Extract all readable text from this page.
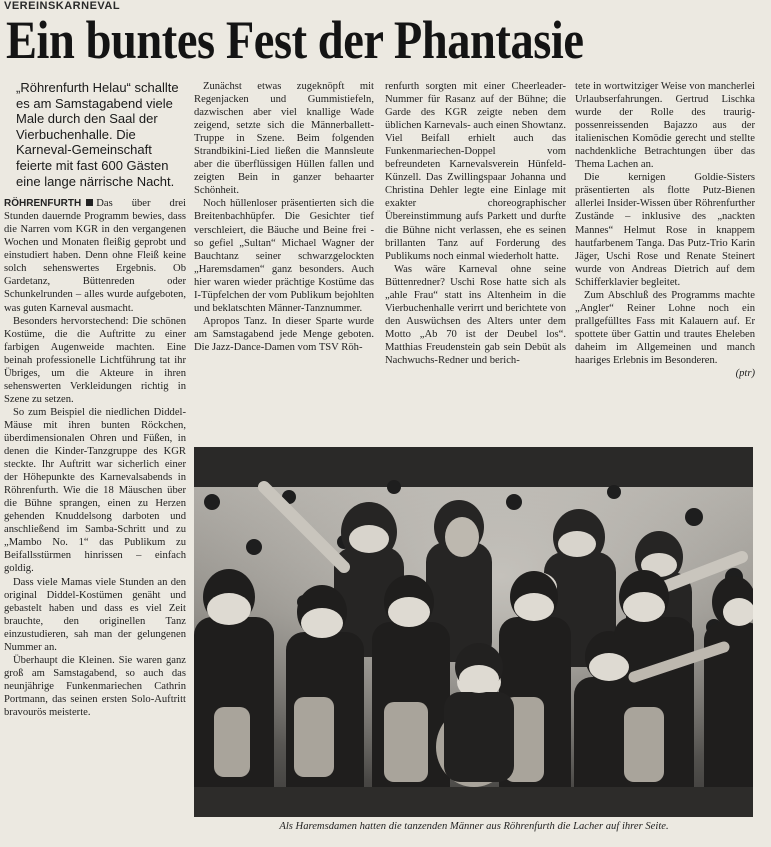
VEREINSKARNEVAL
Ein buntes Fest der Phantasie
„Röhrenfurth Helau“ schallte es am Samstagabend viele Male durch den Saal der Vierbuchenhalle. Die Karneval-Gemeinschaft feierte mit fast 600 Gästen eine lange närrische Nacht.

RÖHRENFURTH Das über drei Stunden dauernde Programm bewies, dass die Narren vom KGR in den vergangenen Wochen und Monaten fleißig geprobt und einstudiert haben. Denn ohne Fleiß keine solch sehenswertes Ergebnis. Ob Gardetanz, Büttenreden oder Schunkelrunden – alles wurde aufgeboten, was guten Karneval ausmacht.

Besonders hervorstechend: Die schönen Kostüme, die die Auftritte zu einer farbigen Augenweide machten. Eine beinah professionelle Lichtführung tat ihr Übriges, um die Akteure in ihren sehenswerten Verkleidungen richtig in Szene zu setzen.

So zum Beispiel die niedlichen Diddel-Mäuse mit ihren bunten Röckchen, überdimensionalen Ohren und Füßen, in denen die Kinder-Tanzgruppe des KGR steckte. Ihr Auftritt war sicherlich einer der Höhepunkte des Karnevalsabends in Röhrenfurth. Wie die 18 Mäuschen über die Bühne sprangen, einen zu Herzen gehenden Knuddelsong darboten und anschließend im Samba-Schritt und zu „Mambo No. 1“ das Publikum zu Beifallsstürmen hinrissen – einfach goldig.

Dass viele Mamas viele Stunden an den original Diddel-Kostümen genäht und gebastelt haben und dass es viel Zeit brauchte, den originellen Tanz einzustudieren, sah man der gelungenen Nummer an.

Überhaupt die Kleinen. Sie waren ganz groß am Samstagabend, so auch das neunjährige Funkenmariechen Cathrin Portmann, das seinen ersten Solo-Auftritt bravourös meisterte.

Zunächst etwas zugeknöpft mit Regenjacken und Gummistiefeln, dazwischen aber viel knallige Wade zeigend, setzte sich die Männerballett-Truppe in Szene. Beim folgenden Strandbikini-Lied ließen die Mannsleute aber die überflüssigen Hüllen fallen und zeigten Bein in ganzer behaarter Schönheit.

Noch hüllenloser präsentierten sich die Breitenbachhüpfer. Die Gesichter tief verschleiert, die Bäuche und Beine frei - so gefiel „Sultan“ Michael Wagner der Bauchtanz seiner schwarzgelockten „Haremsdamen“ ganz besonders. Auch hier waren wieder prächtige Kostüme das I-Tüpfelchen der vom Publikum bejohlten und beklatschten Männer-Tanznummer.

Apropos Tanz. In dieser Sparte wurde am Samstagabend jede Menge geboten. Die Jazz-Dance-Damen vom TSV Röh-

renfurth sorgten mit einer Cheerleader-Nummer für Rasanz auf der Bühne; die Garde des KGR zeigte neben dem üblichen Karnevals- auch einen Showtanz. Viel Beifall erhielt auch das Funkenmariechen-Doppel vom befreundeten Karnevalsverein Hünfeld-Künzell. Das Zwillingspaar Johanna und Christina Dehler legte eine Einlage mit exakter choreographischer Übereinstimmung aufs Parkett und durfte die Bühne nicht verlassen, ehe es seinen brillanten Tanz auf Forderung des Publikums noch einmal wiederholt hatte.

Was wäre Karneval ohne seine Büttenredner? Uschi Rose hatte sich als „ahle Frau“ statt ins Altenheim in die Vierbuchenhalle verirrt und berichtete von den Auswüchsen des Alters unter dem Motto „Ab 70 ist der Deubel los“. Matthias Freudenstein gab sein Debüt als Nachwuchs-Redner und berich-

tete in wortwitziger Weise von mancherlei Urlaubserfahrungen. Gertrud Lischka wurde der Rolle des traurig-possenreissenden Bajazzo aus der italienischen Komödie gerecht und stellte nachdenkliche Betrachtungen über das Thema Lachen an.

Die kernigen Goldie-Sisters präsentierten als flotte Putz-Bienen allerlei Insider-Wissen über Röhrenfurther Zustände – inklusive des „nackten Mannes“ Helmut Rose in knappem hautfarbenem Tanga. Das Putz-Trio Karin Jäger, Uschi Rose und Renate Steinert wurde von Andreas Dietrich auf dem Schifferklavier begleitet.

Zum Abschluß des Programms machte „Angler“ Reiner Lohne noch ein prallgefülltes Fass mit Kalauern auf. Er spottete über Gattin und trautes Eheleben daheim im Allgemeinen und manch haariges Erlebnis im Besonderen.
(ptr)

Als Haremsdamen hatten die tanzenden Männer aus Röhrenfurth die Lacher auf ihrer Seite.
